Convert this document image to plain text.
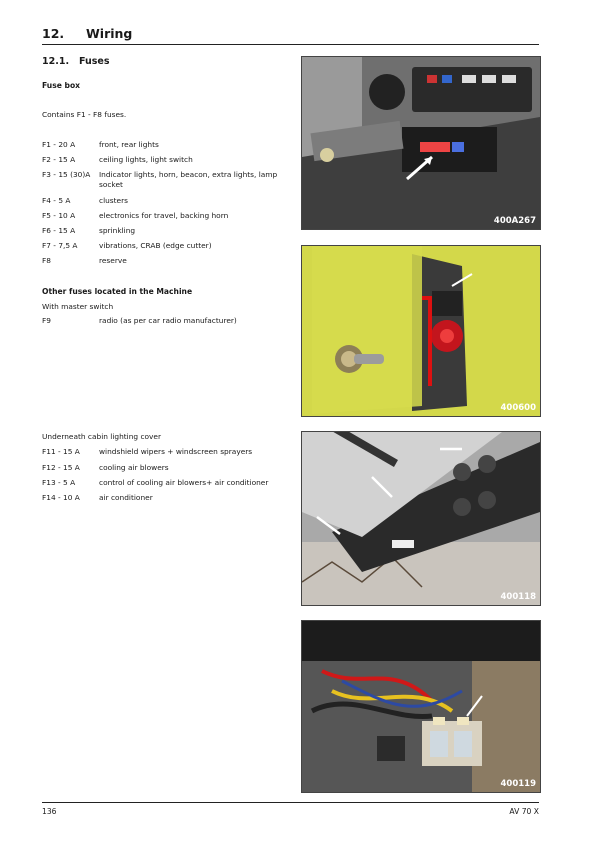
12. Wiring
12.1. Fuses
Fuse box
Contains F1 - F8 fuses.
F1 - 20 A	front, rear lights
F2 - 15 A	ceiling lights, light switch
F3 - 15 (30)A Indicator lights, horn, beacon, extra lights, lamp socket
F4 - 5 A	clusters
F5 - 10 A	electronics for travel, backing horn
F6 - 15 A	sprinkling
F7 - 7,5 A	vibrations, CRAB (edge cutter)
F8	reserve
Other fuses located in the Machine
With master switch
F9	radio (as per car radio manufacturer)
Underneath cabin lighting cover
F11 - 15 A	windshield wipers + windscreen sprayers
F12 - 15 A	cooling air blowers
F13 - 5 A	control of cooling air blowers+ air conditioner
F14 - 10 A	air conditioner
400A267
400600
400118
400119
136	AV 70 X
